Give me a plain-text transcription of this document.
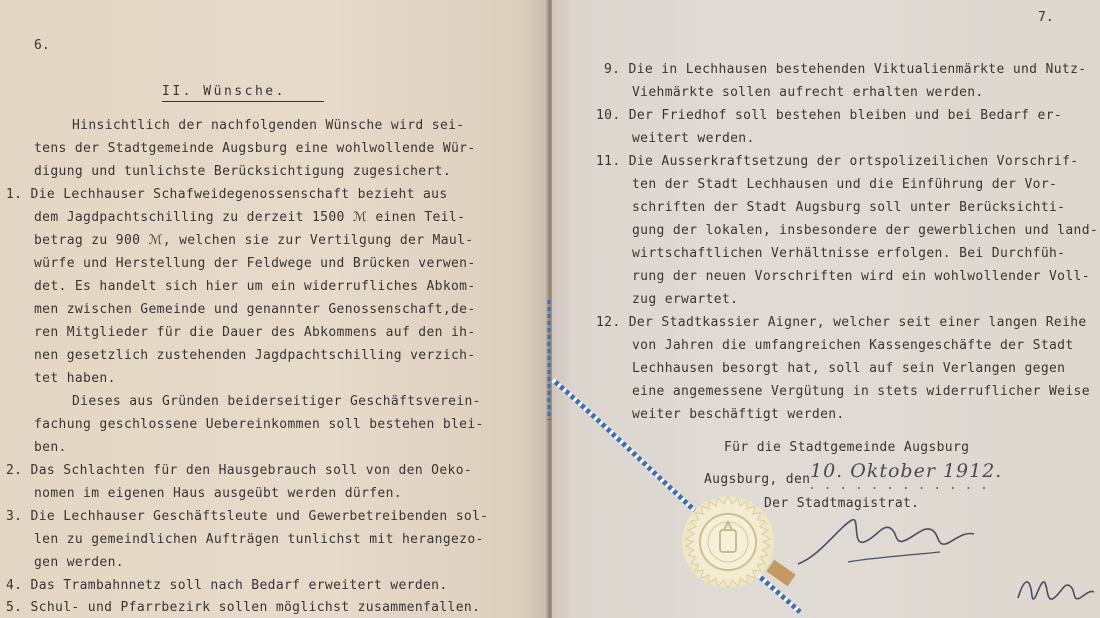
6.
II. Wünsche.
Hinsichtlich der nachfolgenden Wünsche wird sei-
tens der Stadtgemeinde Augsburg eine wohlwollende Wür-
digung und tunlichste Berücksichtigung zugesichert.
1. Die Lechhauser Schafweidegenossenschaft bezieht aus
dem Jagdpachtschilling zu derzeit 1500 ℳ einen Teil-
betrag zu 900 ℳ, welchen sie zur Vertilgung der Maul-
würfe und Herstellung der Feldwege und Brücken verwen-
det. Es handelt sich hier um ein widerrufliches Abkom-
men zwischen Gemeinde und genannter Genossenschaft,de-
ren Mitglieder für die Dauer des Abkommens auf den ih-
nen gesetzlich zustehenden Jagdpachtschilling verzich-
tet haben.
Dieses aus Gründen beiderseitiger Geschäftsverein-
fachung geschlossene Uebereinkommen soll bestehen blei-
ben.
2. Das Schlachten für den Hausgebrauch soll von den Oeko-
nomen im eigenen Haus ausgeübt werden dürfen.
3. Die Lechhauser Geschäftsleute und Gewerbetreibenden sol-
len zu gemeindlichen Aufträgen tunlichst mit herangezo-
gen werden.
4. Das Trambahnnetz soll nach Bedarf erweitert werden.
5. Schul- und Pfarrbezirk sollen möglichst zusammenfallen.
7.
9. Die in Lechhausen bestehenden Viktualienmärkte und Nutz-
Viehmärkte sollen aufrecht erhalten werden.
10. Der Friedhof soll bestehen bleiben und bei Bedarf er-
weitert werden.
11. Die Ausserkraftsetzung der ortspolizeilichen Vorschrif-
ten der Stadt Lechhausen und die Einführung der Vor-
schriften der Stadt Augsburg soll unter Berücksichti-
gung der lokalen, insbesondere der gewerblichen und land-
wirtschaftlichen Verhältnisse erfolgen. Bei Durchfüh-
rung der neuen Vorschriften wird ein wohlwollender Voll-
zug erwartet.
12. Der Stadtkassier Aigner, welcher seit einer langen Reihe
von Jahren die umfangreichen Kassengeschäfte der Stadt
Lechhausen besorgt hat, soll auf sein Verlangen gegen
eine angemessene Vergütung in stets widerruflicher Weise
weiter beschäftigt werden.
Für die Stadtgemeinde Augsburg
Augsburg, den 10. Oktober 1912.
. . . . . . . . . . . .
Der Stadtmagistrat.
